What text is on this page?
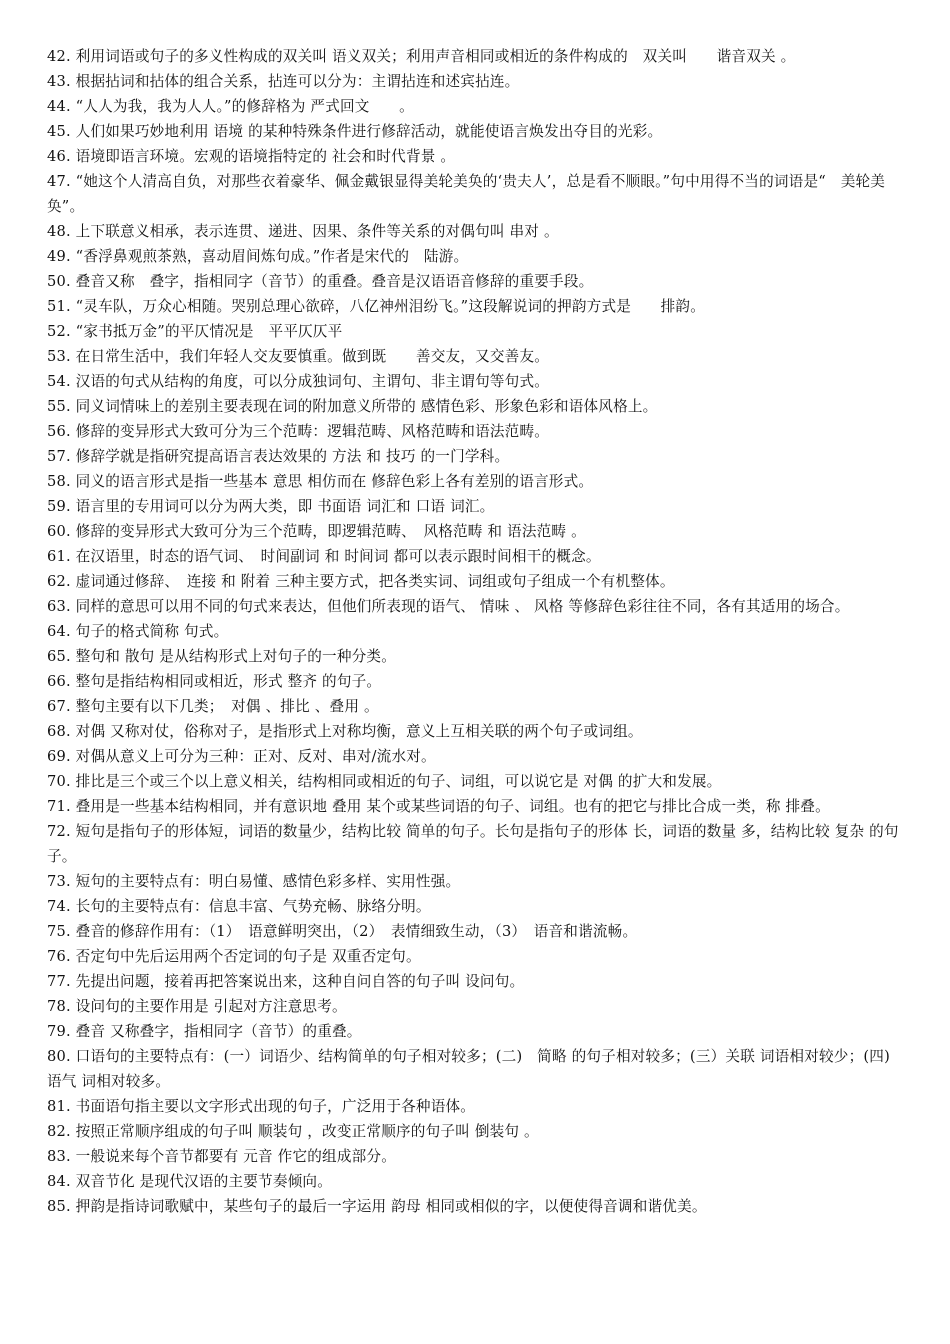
42. 利用词语或句子的多义性构成的双关叫 语义双关；利用声音相同或相近的条件构成的　双关叫　　谐音双关 。

43. 根据拈词和拈体的组合关系，拈连可以分为：主谓拈连和述宾拈连。

44. “人人为我，我为人人。”的修辞格为 严式回文　　。

45. 人们如果巧妙地利用 语境 的某种特殊条件进行修辞活动，就能使语言焕发出夺目的光彩。

46. 语境即语言环境。宏观的语境指特定的 社会和时代背景 。

47. “她这个人清高自负，对那些衣着豪华、佩金戴银显得美轮美奂的‘贵夫人’，总是看不顺眼。”句中用得不当的词语是“　美轮美奂”。

48. 上下联意义相承，表示连贯、递进、因果、条件等关系的对偶句叫 串对 。

49. “香浮鼻观煎茶熟，喜动眉间炼句成。”作者是宋代的　陆游。

50. 叠音又称　叠字，指相同字（音节）的重叠。叠音是汉语语音修辞的重要手段。

51. “灵车队，万众心相随。哭别总理心欲碎，八亿神州泪纷飞。”这段解说词的押韵方式是　　排韵。

52. “家书抵万金”的平仄情况是　平平仄仄平

53. 在日常生活中，我们年轻人交友要慎重。做到既　　善交友，又交善友。

54. 汉语的句式从结构的角度，可以分成独词句、主谓句、非主谓句等句式。

55. 同义词情味上的差别主要表现在词的附加意义所带的 感情色彩、形象色彩和语体风格上。

56. 修辞的变异形式大致可分为三个范畴：逻辑范畴、风格范畴和语法范畴。

57. 修辞学就是指研究提高语言表达效果的 方法 和 技巧 的一门学科。

58. 同义的语言形式是指一些基本 意思 相仿而在 修辞色彩上各有差别的语言形式。

59. 语言里的专用词可以分为两大类，即 书面语 词汇和 口语 词汇。

60. 修辞的变异形式大致可分为三个范畴，即逻辑范畴、　风格范畴 和 语法范畴 。

61. 在汉语里，时态的语气词、　时间副词 和 时间词 都可以表示跟时间相干的概念。

62. 虚词通过修辞、　连接 和 附着 三种主要方式，把各类实词、词组或句子组成一个有机整体。

63. 同样的意思可以用不同的句式来表达，但他们所表现的语气、 情味 、 风格 等修辞色彩往往不同，各有其适用的场合。

64. 句子的格式简称 句式。

65. 整句和 散句 是从结构形式上对句子的一种分类。

66. 整句是指结构相同或相近，形式 整齐 的句子。

67. 整句主要有以下几类；　对偶 、排比 、叠用 。

68. 对偶 又称对仗，俗称对子，是指形式上对称均衡，意义上互相关联的两个句子或词组。

69. 对偶从意义上可分为三种：正对、反对、串对/流水对。

70. 排比是三个或三个以上意义相关，结构相同或相近的句子、词组，可以说它是 对偶 的扩大和发展。

71. 叠用是一些基本结构相同，并有意识地 叠用 某个或某些词语的句子、词组。也有的把它与排比合成一类，称 排叠。

72. 短句是指句子的形体短，词语的数量少，结构比较 简单的句子。长句是指句子的形体 长，词语的数量 多，结构比较 复杂 的句子。

73. 短句的主要特点有：明白易懂、感情色彩多样、实用性强。

74. 长句的主要特点有：信息丰富、气势充畅、脉络分明。

75. 叠音的修辞作用有：（1）　语意鲜明突出，（2）　表情细致生动，（3）　语音和谐流畅。

76. 否定句中先后运用两个否定词的句子是 双重否定句。

77. 先提出问题，接着再把答案说出来，这种自问自答的句子叫 设问句。

78. 设问句的主要作用是 引起对方注意思考。

79. 叠音 又称叠字，指相同字（音节）的重叠。

80. 口语句的主要特点有：(一）词语少、结构简单的句子相对较多；(二)　简略 的句子相对较多；(三）关联 词语相对较少；(四)　语气 词相对较多。

81. 书面语句指主要以文字形式出现的句子，广泛用于各种语体。

82. 按照正常顺序组成的句子叫 顺装句 ，改变正常顺序的句子叫 倒装句 。

83. 一般说来每个音节都要有 元音 作它的组成部分。

84. 双音节化 是现代汉语的主要节奏倾向。

85. 押韵是指诗词歌赋中，某些句子的最后一字运用 韵母 相同或相似的字，以便使得音调和谐优美。
